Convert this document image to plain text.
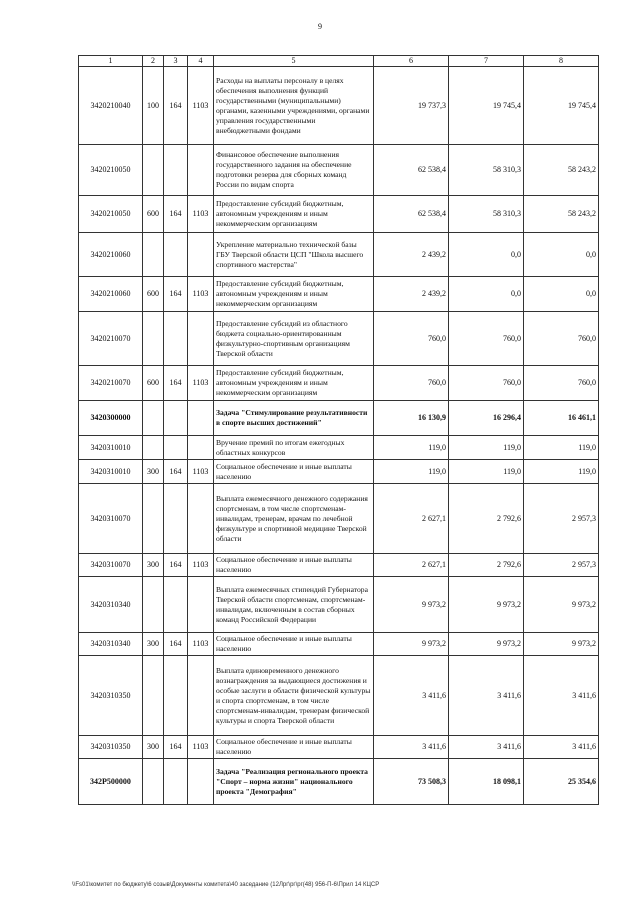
9
1	2	3	4	5	6	7	8
3420210040	100	164	1103	Расходы на выплаты персоналу в целях обеспечения выполнения функций государственными (муниципальными) органами, казенными учреждениями, органами управления государственными внебюджетными фондами	19 737,3	19 745,4	19 745,4
3420210050				Финансовое обеспечение выполнения государственного задания на обеспечение подготовки резерва для сборных команд России по видам спорта	62 538,4	58 310,3	58 243,2
3420210050	600	164	1103	Предоставление субсидий бюджетным, автономным учреждениям и иным некоммерческим организациям	62 538,4	58 310,3	58 243,2
3420210060				Укрепление материально технической базы ГБУ Тверской области ЦСП "Школа высшего спортивного мастерства"	2 439,2	0,0	0,0
3420210060	600	164	1103	Предоставление субсидий бюджетным, автономным учреждениям и иным некоммерческим организациям	2 439,2	0,0	0,0
3420210070				Предоставление субсидий из областного бюджета социально-ориентированным физкультурно-спортивным организациям Тверской области	760,0	760,0	760,0
3420210070	600	164	1103	Предоставление субсидий бюджетным, автономным учреждениям и иным некоммерческим организациям	760,0	760,0	760,0
3420300000				Задача "Стимулирование результативности в спорте высших достижений"	16 130,9	16 296,4	16 461,1
3420310010				Вручение премий по итогам ежегодных областных конкурсов	119,0	119,0	119,0
3420310010	300	164	1103	Социальное обеспечение и иные выплаты населению	119,0	119,0	119,0
3420310070				Выплата ежемесячного денежного содержания спортсменам, в том числе спортсменам-инвалидам, тренерам, врачам по лечебной физкультуре и спортивной медицине Тверской области	2 627,1	2 792,6	2 957,3
3420310070	300	164	1103	Социальное обеспечение и иные выплаты населению	2 627,1	2 792,6	2 957,3
3420310340				Выплата ежемесячных стипендий Губернатора Тверской области спортсменам, спортсменам-инвалидам, включенным в состав сборных команд Российской Федерации	9 973,2	9 973,2	9 973,2
3420310340	300	164	1103	Социальное обеспечение и иные выплаты населению	9 973,2	9 973,2	9 973,2
3420310350				Выплата единовременного денежного вознаграждения за выдающиеся достижения и особые заслуги в области физической культуры и спорта спортсменам, в том числе спортсменам-инвалидам, тренерам физической культуры и спорта Тверской области	3 411,6	3 411,6	3 411,6
3420310350	300	164	1103	Социальное обеспечение и иные выплаты населению	3 411,6	3 411,6	3 411,6
342P500000				Задача "Реализация регионального проекта "Спорт – норма жизни" национального проекта "Демография"	73 508,3	18 098,1	25 354,6
\\Fs01\комитет по бюджету\6 созыв\Документы комитета\40 заседание (12Лрг\рг\рг(48) 956-П-6\Прил 14 КЦСР
